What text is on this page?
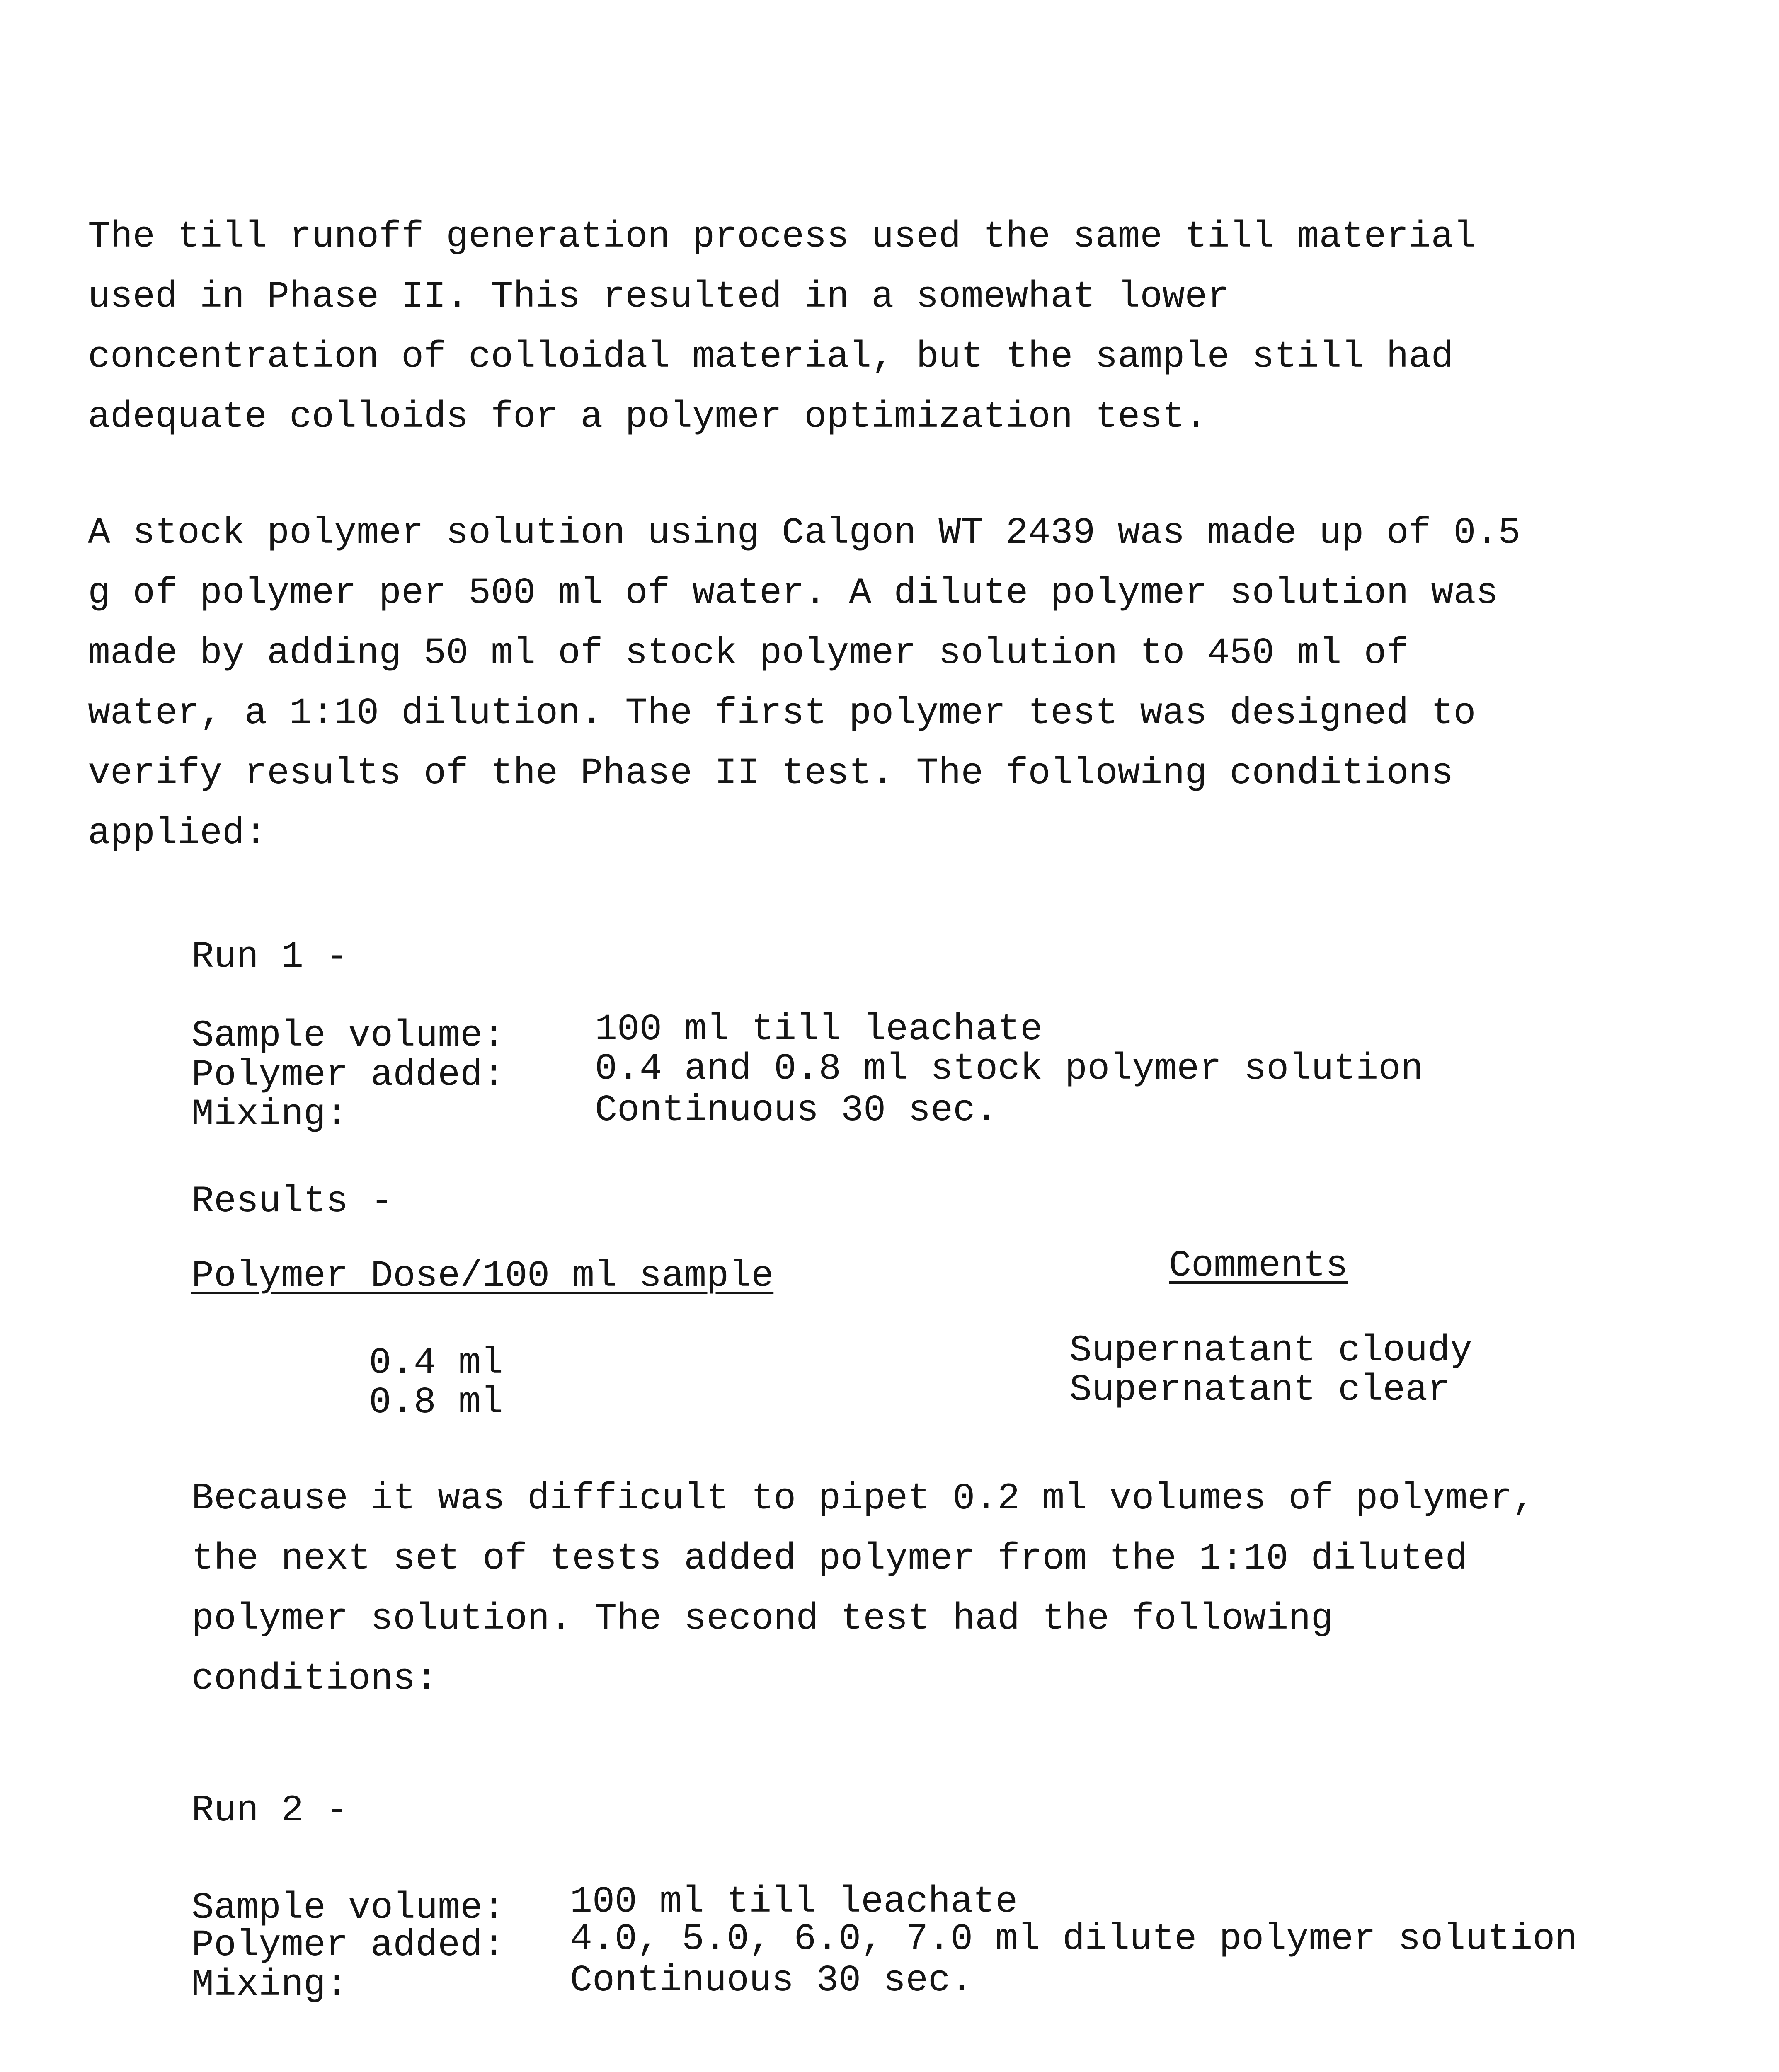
The till runoff generation process used the same till material
used in Phase II. This resulted in a somewhat lower
concentration of colloidal material, but the sample still had
adequate colloids for a polymer optimization test.
A stock polymer solution using Calgon WT 2439 was made up of 0.5
g of polymer per 500 ml of water. A dilute polymer solution was
made by adding 50 ml of stock polymer solution to 450 ml of
water, a 1:10 dilution. The first polymer test was designed to
verify results of the Phase II test. The following conditions
applied:
Run 1 -
Sample volume: 100 ml till leachate
Polymer added: 0.4 and 0.8 ml stock polymer solution
Mixing:	Continuous 30 sec.
Results -
Polymer Dose/100 ml sample	Comments
0.4 ml	Supernatant cloudy
0.8 ml	Supernatant clear
Because it was difficult to pipet 0.2 ml volumes of polymer,
the next set of tests added polymer from the 1:10 diluted
polymer solution. The second test had the following
conditions:
Run 2 -
Sample volume: 100 ml till leachate
Polymer added: 4.0, 5.0, 6.0, 7.0 ml dilute polymer solution
Mixing:	Continuous 30 sec.
